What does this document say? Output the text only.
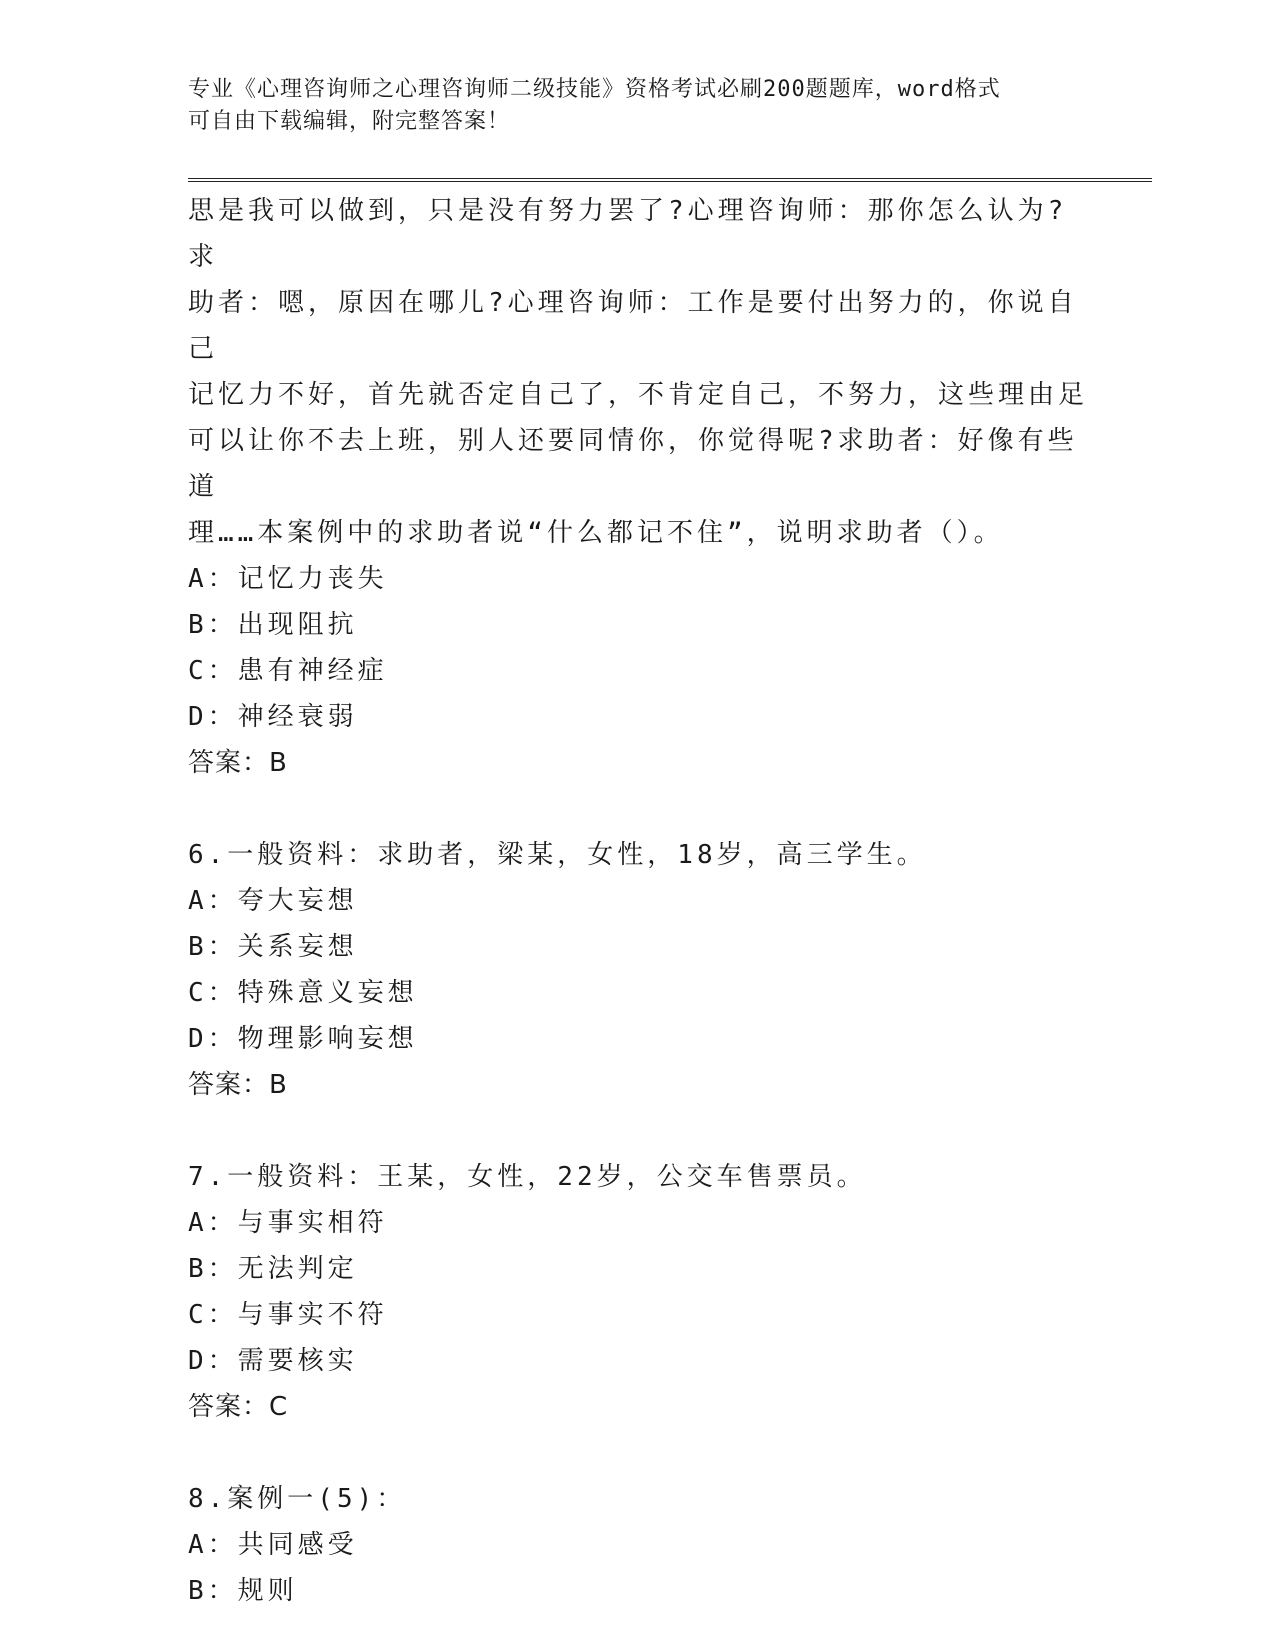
专业《心理咨询师之心理咨询师二级技能》资格考试必刷200题题库，word格式
可自由下载编辑，附完整答案！

思是我可以做到，只是没有努力罢了?心理咨询师：那你怎么认为?求

助者：嗯，原因在哪儿?心理咨询师：工作是要付出努力的，你说自己

记忆力不好，首先就否定自己了，不肯定自己，不努力，这些理由足

可以让你不去上班，别人还要同情你，你觉得呢?求助者：好像有些道

理……本案例中的求助者说“什么都记不住”，说明求助者（）。

A：记忆力丧失

B：出现阻抗

C：患有神经症

D：神经衰弱

答案：B

6.一般资料：求助者，梁某，女性，18岁，高三学生。

A：夸大妄想

B：关系妄想

C：特殊意义妄想

D：物理影响妄想

答案：B

7.一般资料：王某，女性，22岁，公交车售票员。

A：与事实相符

B：无法判定

C：与事实不符

D：需要核实

答案：C

8.案例一(5)：

A：共同感受

B：规则
